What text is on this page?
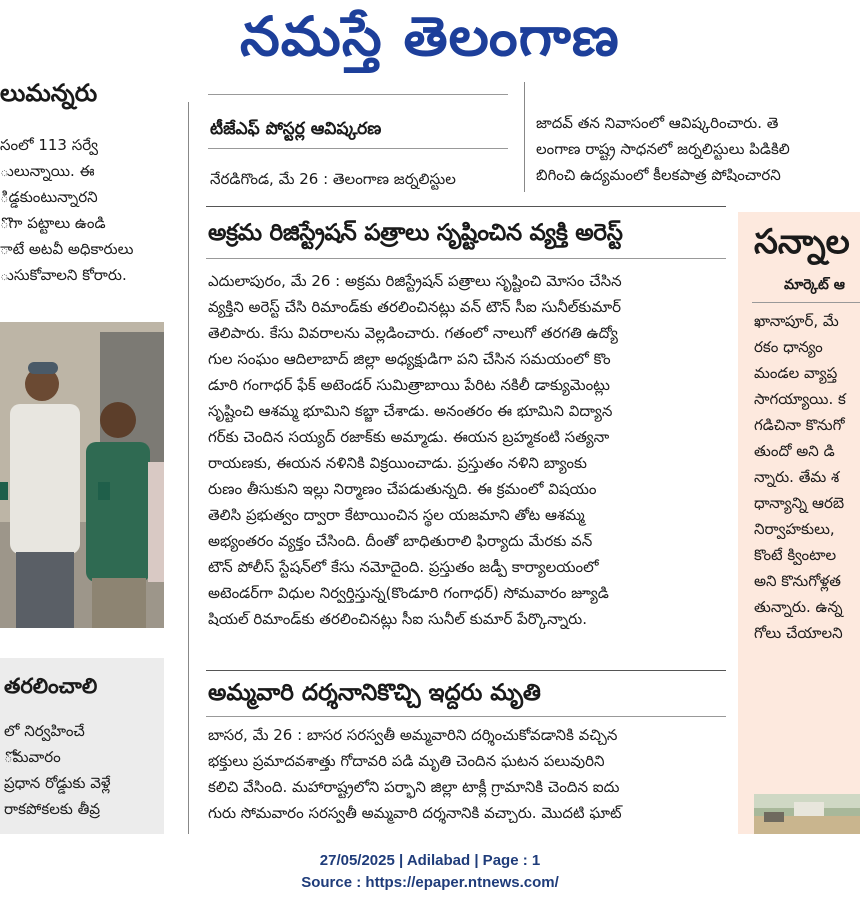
నమస్తే తెలంగాణ
లుమన్నరు

సంలో 113 సర్వే

ులున్నాయి. ఈ

ిడ్డకుంటున్నారని

ొగా పట్టాలు ఉండి

ాటే అటవీ అధికారులు

ుసుకోవాలని కోరారు.

తరలించాలి

లో నిర్వహించే

ోమవారం

ప్రధాన రోడ్డుకు వెళ్లే

రాకపోకలకు తీవ్ర

టీజేఎఫ్ పోస్టర్ల ఆవిష్కరణ

నేరడిగొండ, మే 26 : తెలంగాణ జర్నలిస్టుల

జాదవ్ తన నివాసంలో ఆవిష్కరించారు. తె

లంగాణ రాష్ట్ర సాధనలో జర్నలిస్టులు పిడికిలి

బిగించి ఉద్యమంలో కీలకపాత్ర పోషించారని

అక్రమ రిజిస్ట్రేషన్ పత్రాలు సృష్టించిన వ్యక్తి అరెస్ట్

ఎదులాపురం, మే 26 : అక్రమ రిజిస్ట్రేషన్ పత్రాలు సృష్టించి మోసం చేసిన

వ్యక్తిని అరెస్ట్ చేసి రిమాండ్‌కు తరలించినట్లు వన్ టౌన్ సీఐ సునీల్‌కుమార్

తెలిపారు. కేసు వివరాలను వెల్లడించారు. గతంలో నాలుగో తరగతి ఉద్యో

గుల సంఘం ఆదిలాబాద్ జిల్లా అధ్యక్షుడిగా పని చేసిన సమయంలో కొం

డూరి గంగాధర్ ఫేక్ అటెండర్ సుమిత్రాబాయి పేరిట నకిలీ డాక్యుమెంట్లు

సృష్టించి ఆశమ్మ భూమిని కబ్జా చేశాడు. అనంతరం ఈ భూమిని విద్యాన

గర్‌కు చెందిన సయ్యద్ రజాక్‌కు అమ్మాడు. ఈయన బ్రహ్మకంటి సత్యనా

రాయణకు, ఈయన నళినికి విక్రయించాడు. ప్రస్తుతం నళిని బ్యాంకు

రుణం తీసుకుని ఇల్లు నిర్మాణం చేపడుతున్నది. ఈ క్రమంలో విషయం

తెలిసి ప్రభుత్వం ద్వారా కేటాయించిన స్థల యజమాని తోట ఆశమ్మ

అభ్యంతరం వ్యక్తం చేసింది. దీంతో బాధితురాలి ఫిర్యాదు మేరకు వన్

టౌన్ పోలీస్ స్టేషన్‌లో కేసు నమోదైంది. ప్రస్తుతం జడ్పీ కార్యాలయంలో

అటెండర్‌గా విధుల నిర్వర్తిస్తున్న(కొండూరి గంగాధర్) సోమవారం జ్యూడి

షియల్ రిమాండ్‌కు తరలించినట్లు సీఐ సునీల్ కుమార్ పేర్కొన్నారు.

అమ్మవారి దర్శనానికొచ్చి ఇద్దరు మృతి

బాసర, మే 26 : బాసర సరస్వతీ అమ్మవారిని దర్శించుకోవడానికి వచ్చిన

భక్తులు ప్రమాదవశాత్తు గోదావరి పడి మృతి చెందిన ఘటన పలువురిని

కలిచి వేసింది. మహారాష్ట్రలోని పర్భాని జిల్లా టాక్లీ గ్రామానికి చెందిన ఐదు

గురు సోమవారం సరస్వతీ అమ్మవారి దర్శనానికి వచ్చారు. మొదటి ఘాట్

సన్నాల
మార్కెట్ ఆ

ఖానాపూర్, మే

రకం ధాన్యం

మండల వ్యాప్త

సాగయ్యాయి. క

గడిచినా కొనుగో

తుందో అని డి

న్నారు. తేమ శ

ధాన్యాన్ని ఆరబె

నిర్వాహకులు,

కొంటే క్వింటాల

అని కొనుగోళ్లత

తున్నారు. ఉన్న

గోలు చేయాలని

27/05/2025 | Adilabad | Page : 1
Source : https://epaper.ntnews.com/
